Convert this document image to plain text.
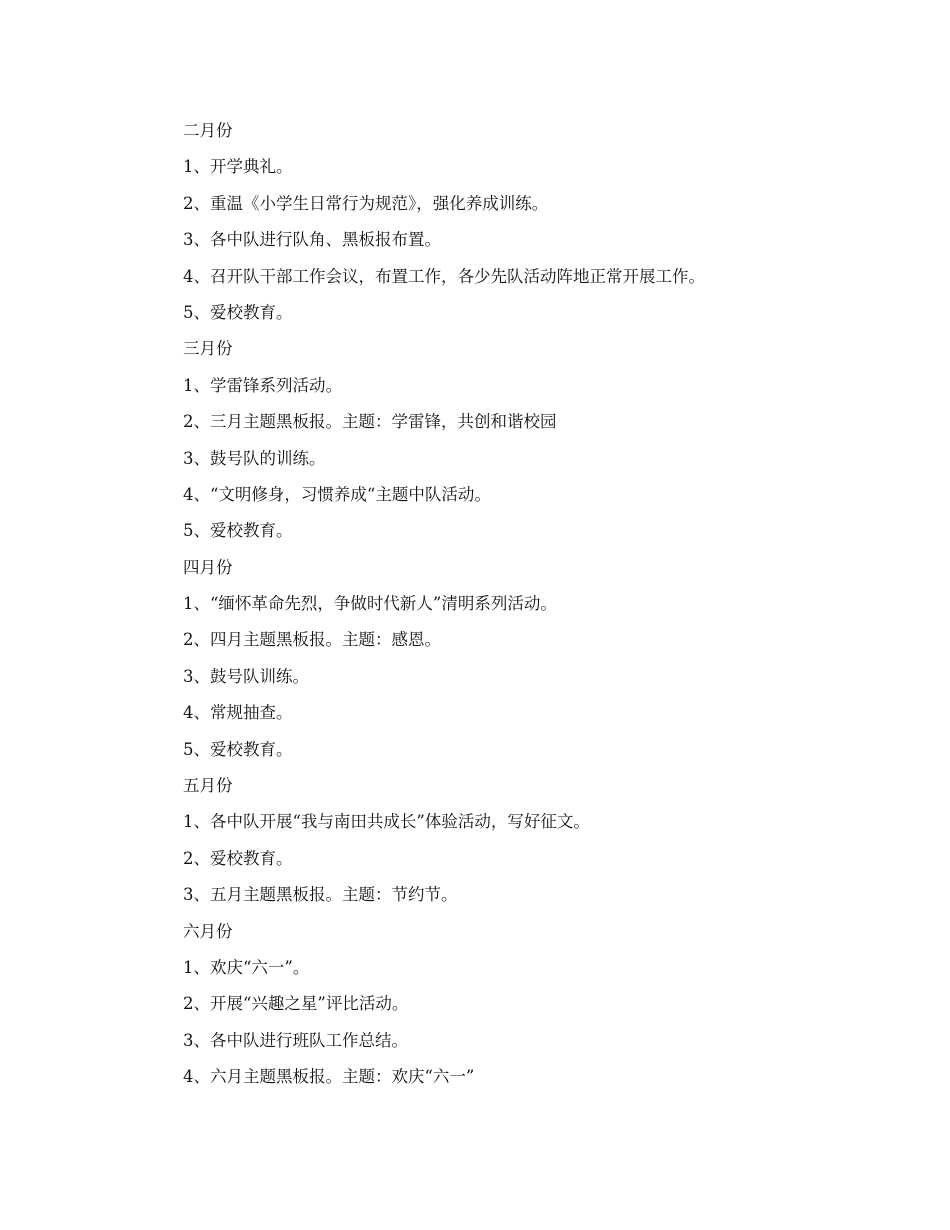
二月份
1、开学典礼。
2、重温《小学生日常行为规范》，强化养成训练。
3、各中队进行队角、黑板报布置。
4、召开队干部工作会议，布置工作，各少先队活动阵地正常开展工作。
5、爱校教育。
三月份
1、学雷锋系列活动。
2、三月主题黑板报。主题：学雷锋，共创和谐校园
3、鼓号队的训练。
4、“文明修身，习惯养成“主题中队活动。
5、爱校教育。
四月份
1、“缅怀革命先烈，争做时代新人”清明系列活动。
2、四月主题黑板报。主题：感恩。
3、鼓号队训练。
4、常规抽查。
5、爱校教育。
五月份
1、各中队开展“我与南田共成长”体验活动，写好征文。
2、爱校教育。
3、五月主题黑板报。主题：节约节。
六月份
1、欢庆“六一”。
2、开展“兴趣之星”评比活动。
3、各中队进行班队工作总结。
4、六月主题黑板报。主题：欢庆“六一”
